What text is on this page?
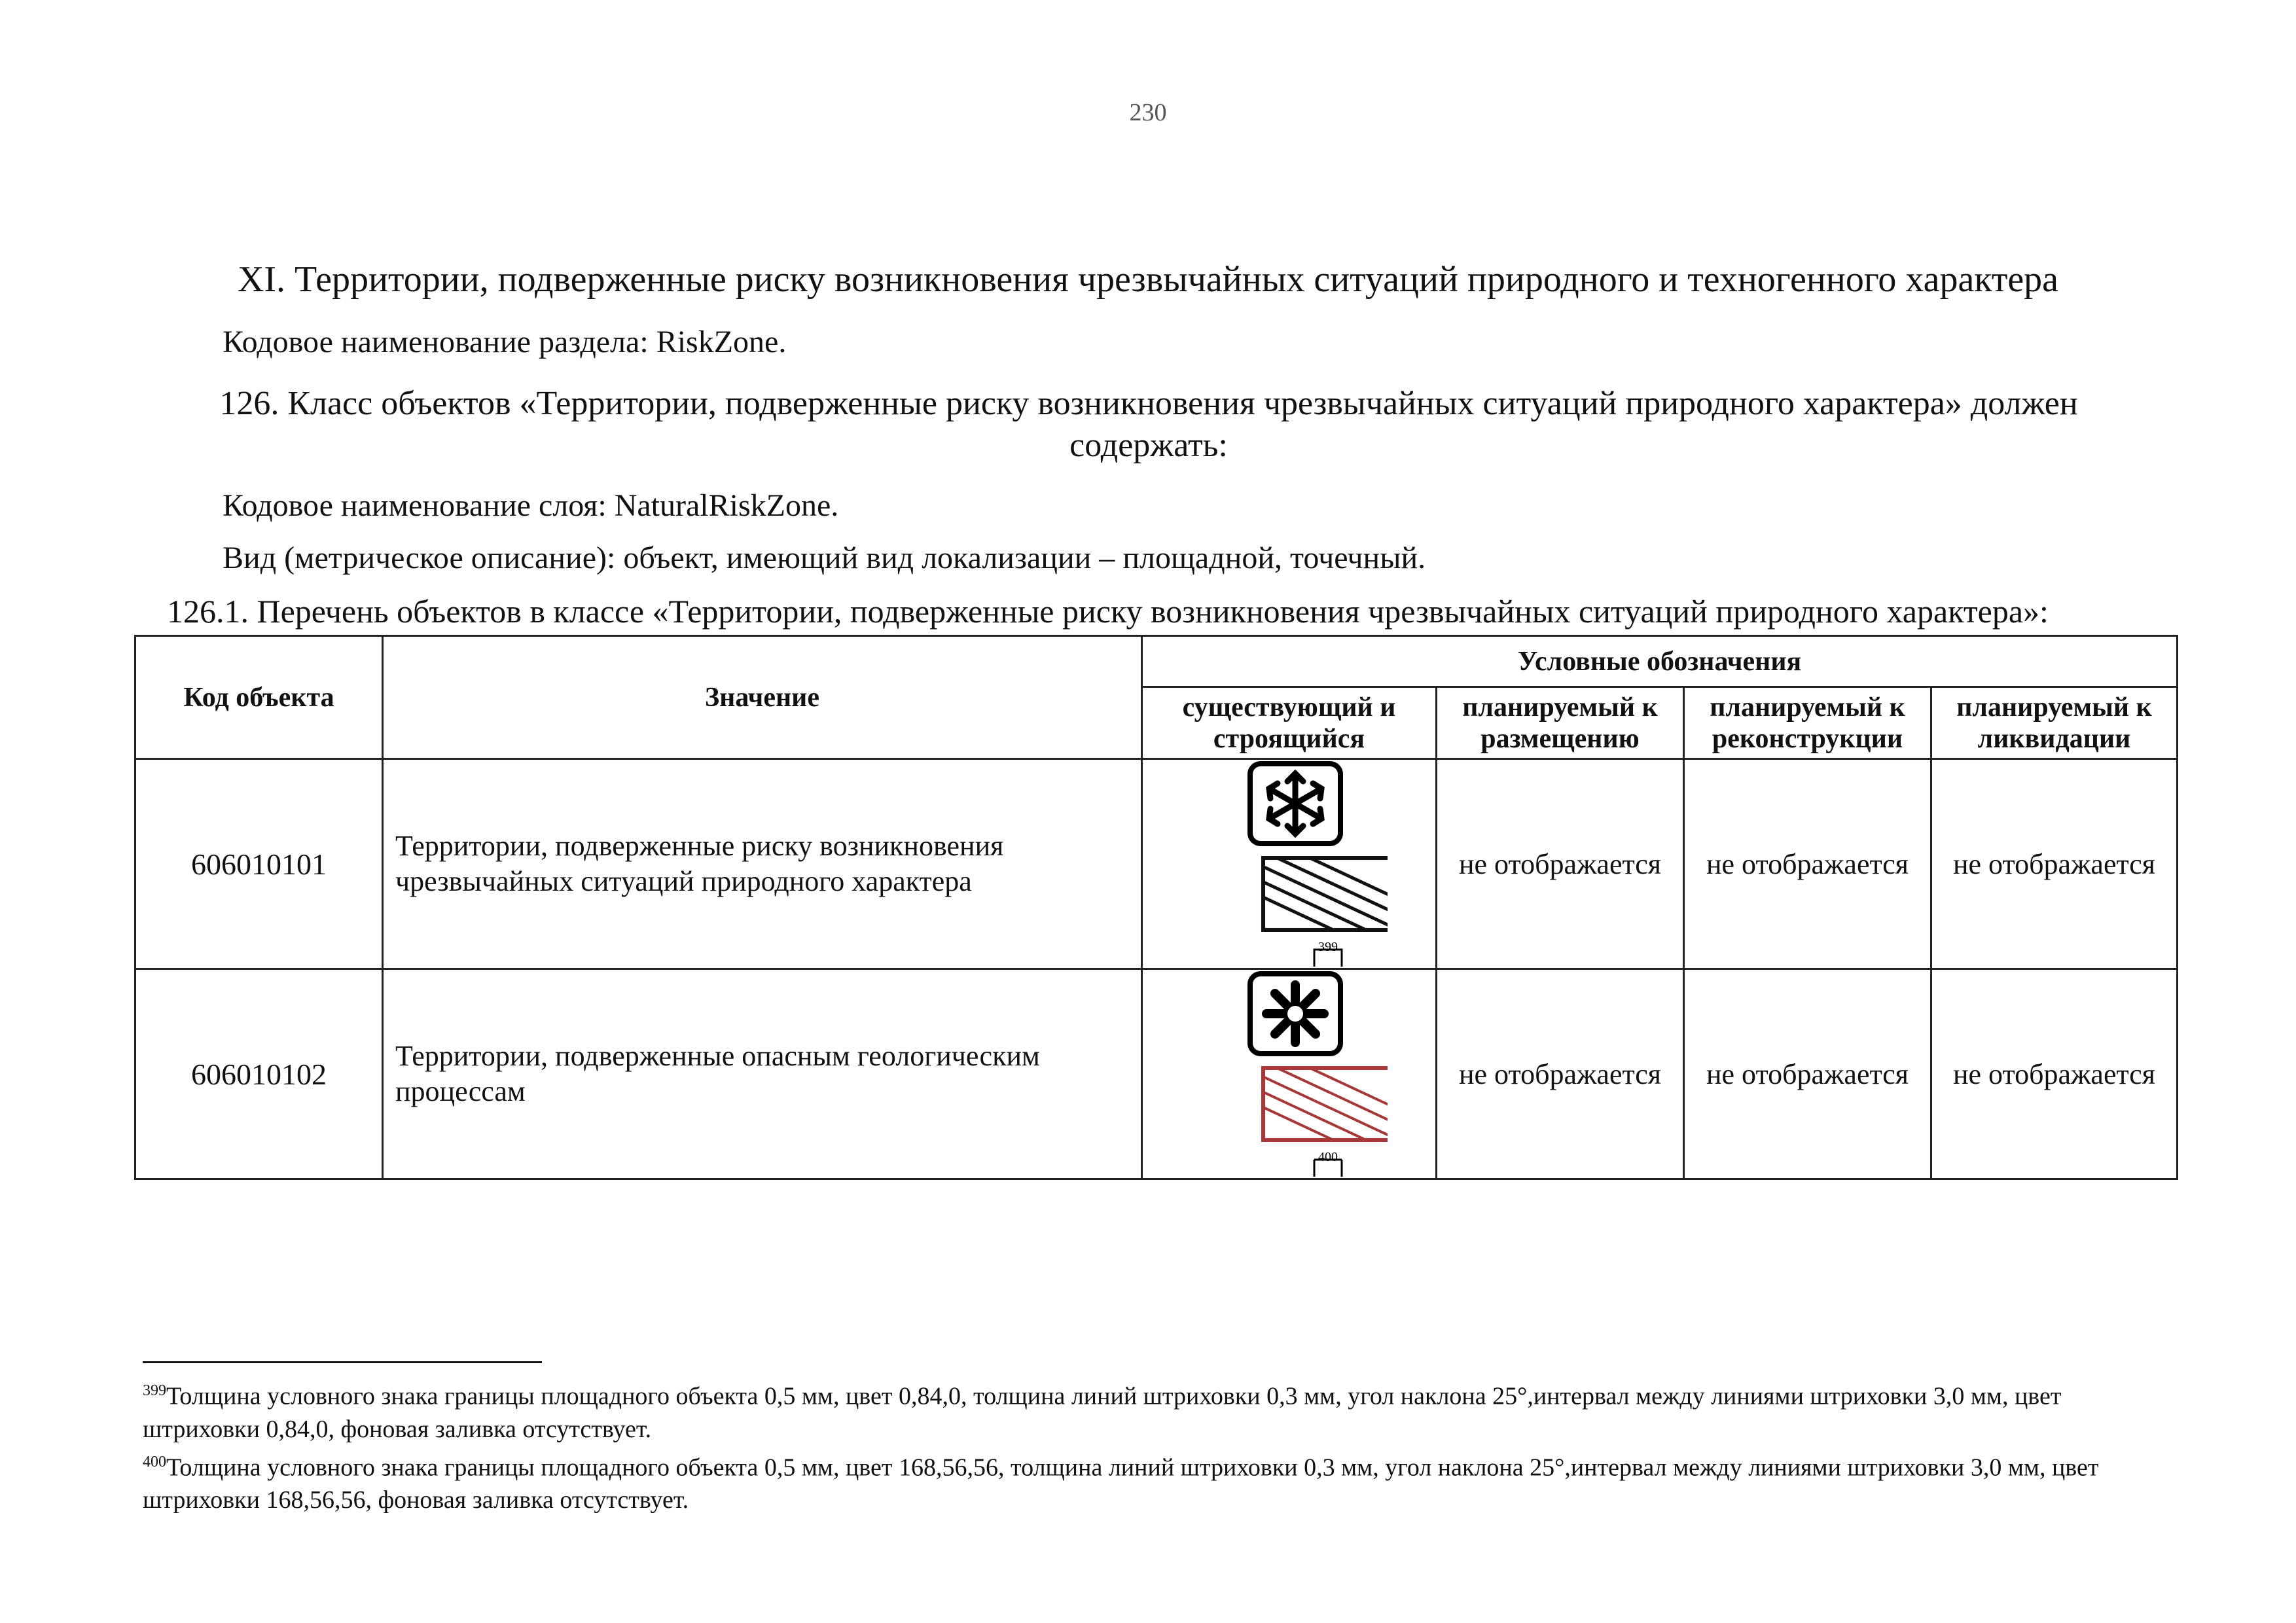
230
XI. Территории, подверженные риску возникновения чрезвычайных ситуаций природного и техногенного характера
Кодовое наименование раздела: RiskZone.
126. Класс объектов «Территории, подверженные риску возникновения чрезвычайных ситуаций природного характера» должен
содержать:
Кодовое наименование слоя: NaturalRiskZone.
Вид (метрическое описание): объект, имеющий вид локализации – площадной, точечный.
126.1. Перечень объектов в классе «Территории, подверженные риску возникновения чрезвычайных ситуаций природного характера»:
Код объекта	Значение	Условные обозначения			
		существующий и строящийся	планируемый к размещению	планируемый к реконструкции	планируемый к ликвидации
606010101	Территории, подверженные риску возникновения чрезвычайных ситуаций природного характера	399	не отображается	не отображается	не отображается
606010102	Территории, подверженные опасным геологическим процессам	400	не отображается	не отображается	не отображается
$^{399}$Толщина условного знака границы площадного объекта 0,5 мм, цвет 0,84,0, толщина линий штриховки 0,3 мм, угол наклона 25°,интервал между линиями штриховки 3,0 мм, цвет штриховки 0,84,0, фоновая заливка отсутствует.
$^{400}$Толщина условного знака границы площадного объекта 0,5 мм, цвет 168,56,56, толщина линий штриховки 0,3 мм, угол наклона 25°,интервал между линиями штриховки 3,0 мм, цвет штриховки 168,56,56, фоновая заливка отсутствует.
